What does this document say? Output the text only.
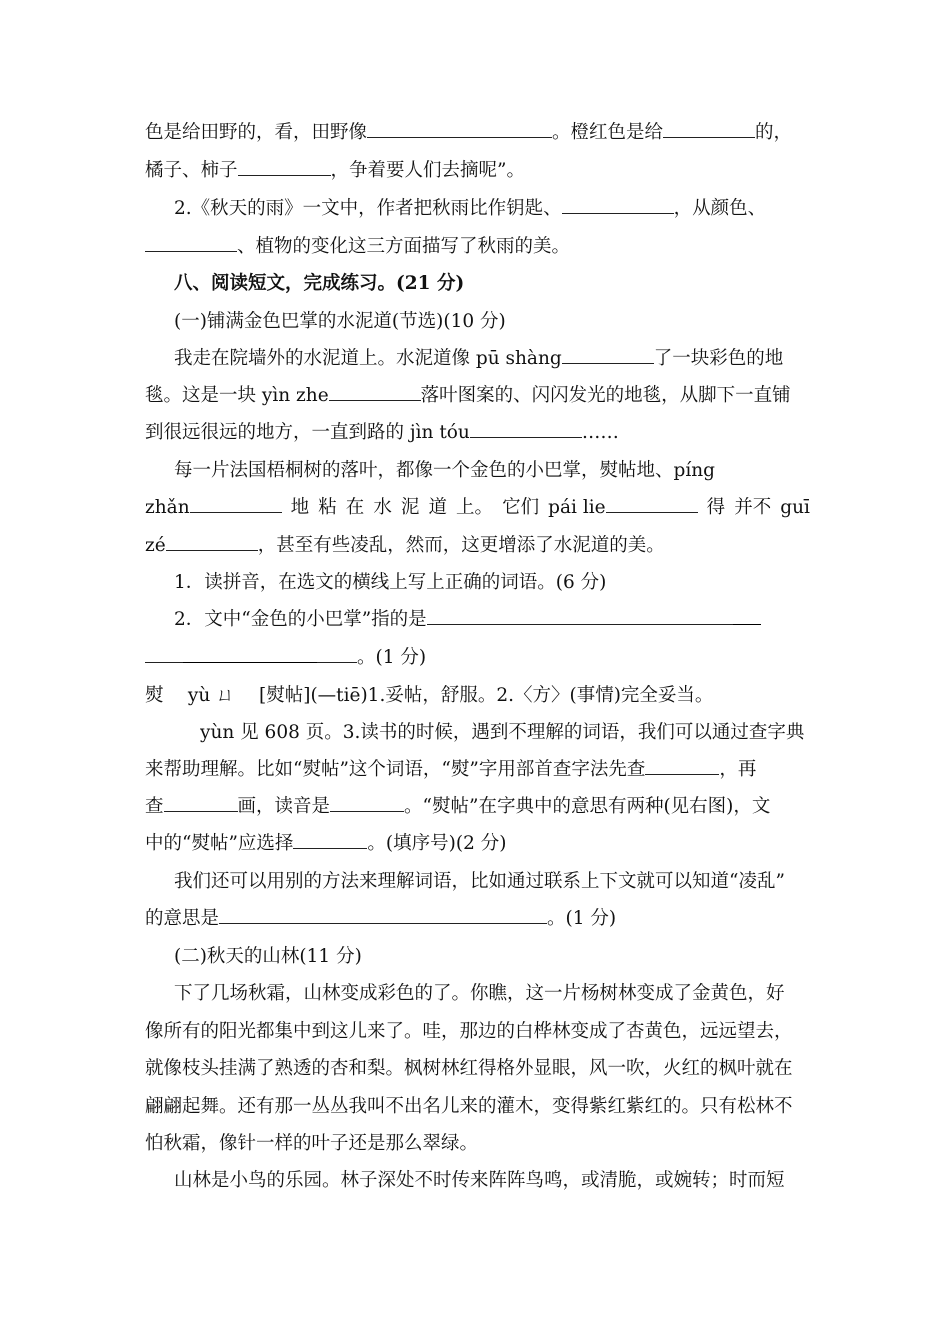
色是给田野的，看，田野像	。橙红色是给	的，
橘子、柿子	，争着要人们去摘呢”。
2.《秋天的雨》一文中，作者把秋雨比作钥匙、	，从颜色、
、植物的变化这三方面描写了秋雨的美。
八、阅读短文，完成练习。(21 分)
(一)铺满金色巴掌的水泥道(节选)(10 分)
我走在院墙外的水泥道上。水泥道像 pū shàng	了一块彩色的地
毯。这是一块 yìn zhe	落叶图案的、闪闪发光的地毯，从脚下一直铺
到很远很远的地方，一直到路的 jìn tóu	……
每一片法国梧桐树的落叶，都像一个金色的小巴掌，熨帖地、píng
zhǎn	地 粘 在 水 泥 道 上。 它们 pái lie	得 并不 guī
zé	，甚至有些凌乱，然而，这更增添了水泥道的美。
1．读拼音，在选文的横线上写上正确的词语。(6 分)
2．文中“金色的小巴掌”指的是
。(1 分)
熨　 yù ㄩ　 [熨帖](—tiē)1.妥帖，舒服。2.〈方〉(事情)完全妥当。
yùn 见 608 页。3.读书的时候，遇到不理解的词语，我们可以通过查字典
来帮助理解。比如“熨帖”这个词语，“熨”字用部首查字法先查	，再
查	画，读音是	。“熨帖”在字典中的意思有两种(见右图)，文
中的“熨帖”应选择	。(填序号)(2 分)
我们还可以用别的方法来理解词语，比如通过联系上下文就可以知道“凌乱”
的意思是	。(1 分)
(二)秋天的山林(11 分)
下了几场秋霜，山林变成彩色的了。你瞧，这一片杨树林变成了金黄色，好
像所有的阳光都集中到这儿来了。哇，那边的白桦林变成了杏黄色，远远望去，
就像枝头挂满了熟透的杏和梨。枫树林红得格外显眼，风一吹，火红的枫叶就在
翩翩起舞。还有那一丛丛我叫不出名儿来的灌木，变得紫红紫红的。只有松林不
怕秋霜，像针一样的叶子还是那么翠绿。
山林是小鸟的乐园。林子深处不时传来阵阵鸟鸣，或清脆，或婉转；时而短
